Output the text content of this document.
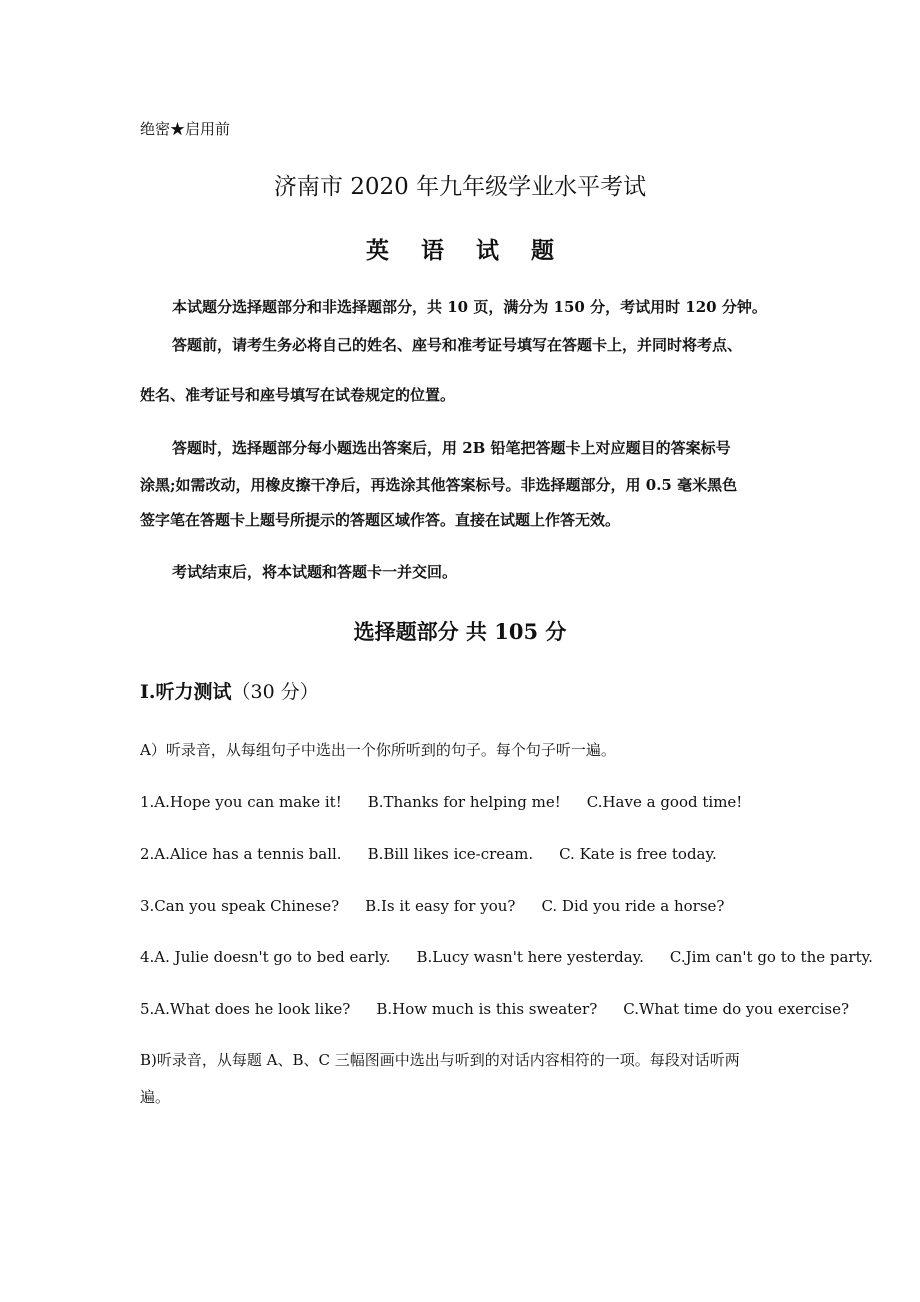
绝密★启用前
济南市 2020 年九年级学业水平考试
英 语 试 题
本试题分选择题部分和非选择题部分，共 10 页，满分为 150 分，考试用时 120 分钟。
答题前，请考生务必将自己的姓名、座号和准考证号填写在答题卡上，并同时将考点、
姓名、准考证号和座号填写在试卷规定的位置。
答题时，选择题部分每小题选出答案后，用 2B 铅笔把答题卡上对应题目的答案标号
涂黑;如需改动，用橡皮擦干净后，再选涂其他答案标号。非选择题部分，用 0.5 毫米黑色
签字笔在答题卡上题号所提示的答题区域作答。直接在试题上作答无效。
考试结束后，将本试题和答题卡一并交回。
选择题部分 共 105 分
I.听力测试（30 分）
A）听录音，从每组句子中选出一个你所听到的句子。每个句子听一遍。
1.A.Hope you can make it! B.Thanks for helping me! C.Have a good time!
2.A.Alice has a tennis ball. B.Bill likes ice-cream. C. Kate is free today.
3.Can you speak Chinese? B.Is it easy for you? C. Did you ride a horse?
4.A. Julie doesn't go to bed early. B.Lucy wasn't here yesterday. C.Jim can't go to the party.
5.A.What does he look like? B.How much is this sweater? C.What time do you exercise?
B)听录音，从每题 A、B、C 三幅图画中选出与听到的对话内容相符的一项。每段对话听两
遍。
